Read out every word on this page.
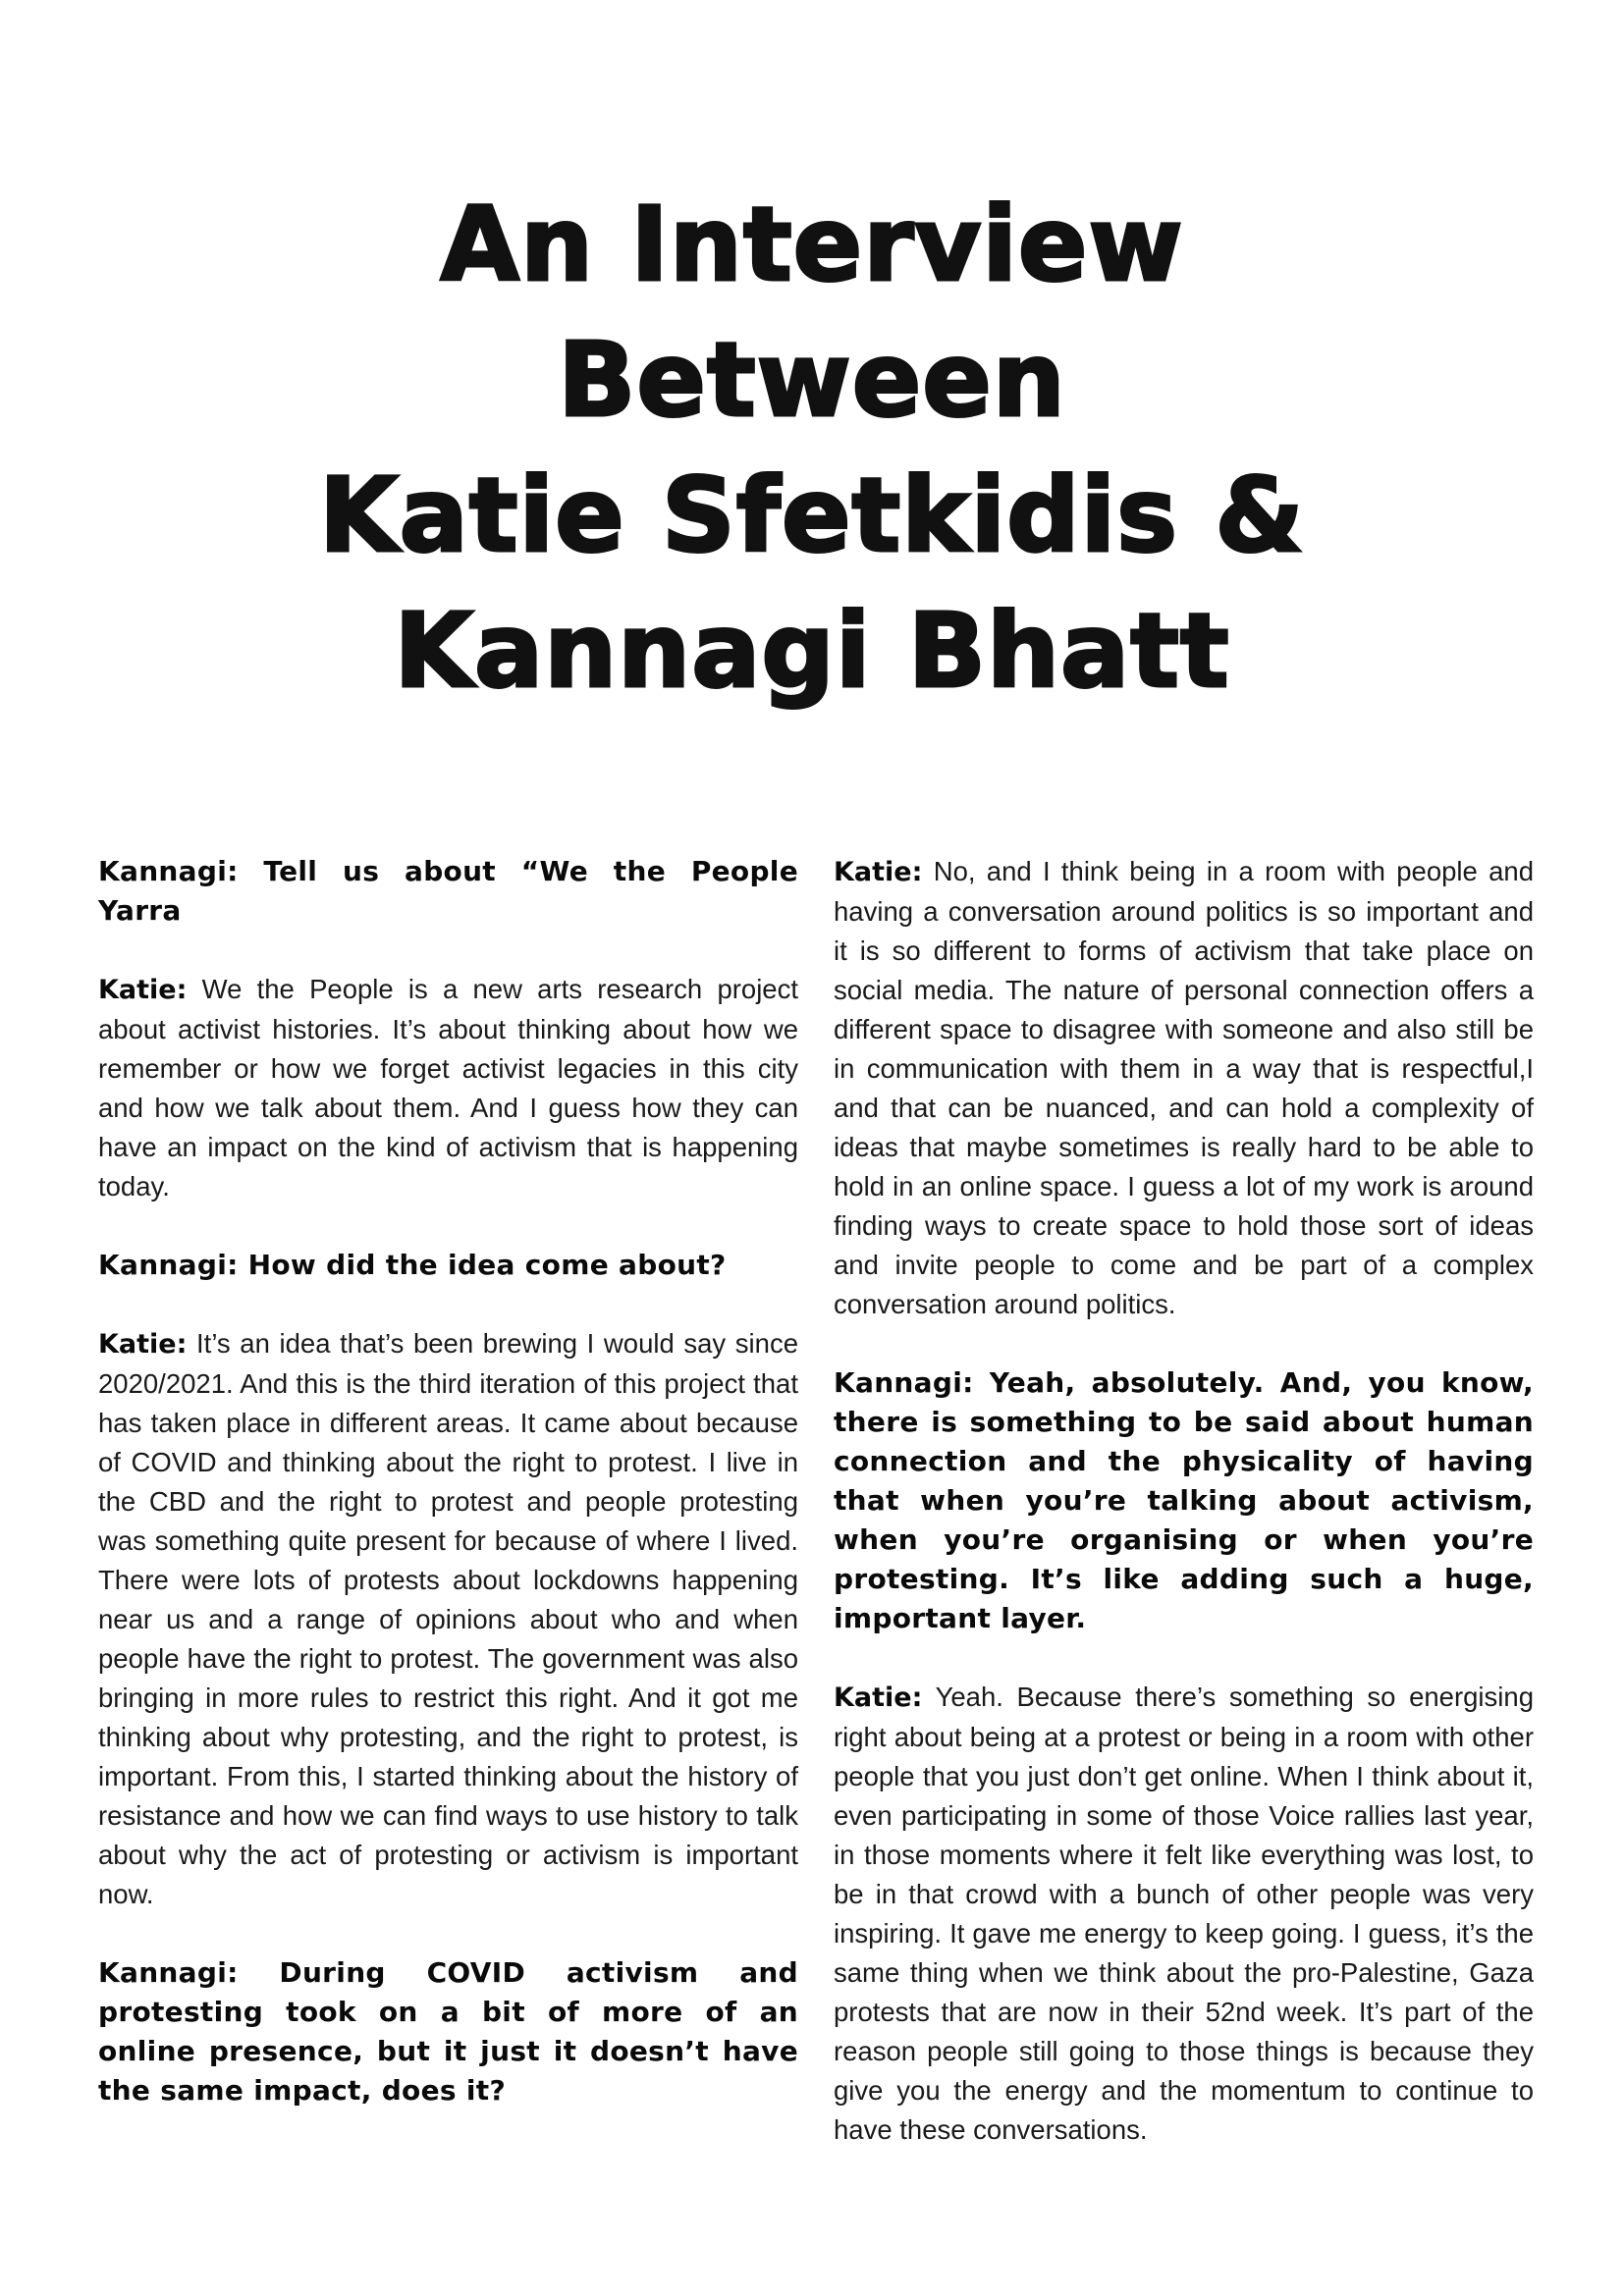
An Interview
Between
Katie Sfetkidis &
Kannagi Bhatt

Kannagi: Tell us about “We the People Yarra

Katie: We the People is a new arts research project about activist histories. It’s about thinking about how we remember or how we forget activist legacies in this city and how we talk about them. And I guess how they can have an impact on the kind of activism that is happening today.

Kannagi: How did the idea come about?

Katie: It’s an idea that’s been brewing I would say since 2020/2021. And this is the third iteration of this project that has taken place in different areas. It came about because of COVID and thinking about the right to protest. I live in the CBD and the right to protest and people protesting was something quite present for because of where I lived. There were lots of protests about lockdowns happening near us and a range of opinions about who and when people have the right to protest. The government was also bringing in more rules to restrict this right. And it got me thinking about why protesting, and the right to protest, is important. From this, I started thinking about the history of resistance and how we can find ways to use history to talk about why the act of protesting or activism is important now.

Kannagi: During COVID activism and protesting took on a bit of more of an online presence, but it just it doesn’t have the same impact, does it?

Katie: No, and I think being in a room with people and having a conversation around politics is so important and it is so different to forms of activism that take place on social media. The nature of personal connection offers a different space to disagree with someone and also still be in communication with them in a way that is respectful,I and that can be nuanced, and can hold a complexity of ideas that maybe sometimes is really hard to be able to hold in an online space. I guess a lot of my work is around finding ways to create space to hold those sort of ideas and invite people to come and be part of a complex conversation around politics.

Kannagi: Yeah, absolutely. And, you know, there is something to be said about human connection and the physicality of having that when you’re talking about activism, when you’re organising or when you’re protesting. It’s like adding such a huge, important layer.

Katie: Yeah. Because there’s something so energising right about being at a protest or being in a room with other people that you just don’t get online. When I think about it, even participating in some of those Voice rallies last year, in those moments where it felt like everything was lost, to be in that crowd with a bunch of other people was very inspiring. It gave me energy to keep going. I guess, it’s the same thing when we think about the pro-Palestine, Gaza protests that are now in their 52nd week. It’s part of the reason people still going to those things is because they give you the energy and the momentum to continue to have these conversations.
